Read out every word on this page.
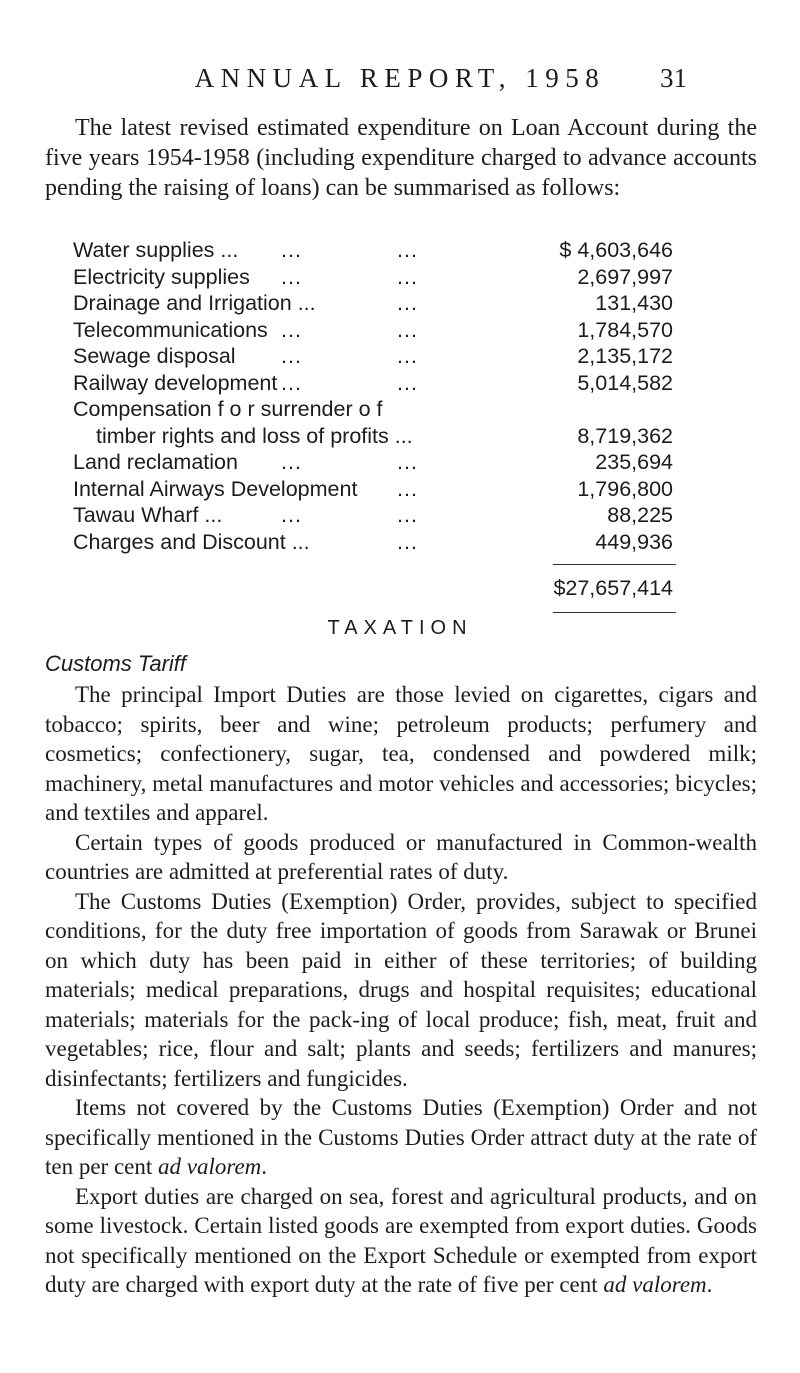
ANNUAL REPORT, 1958	31

The latest revised estimated expenditure on Loan Account during the five years 1954-1958 (including expenditure charged to advance accounts pending the raising of loans) can be summarised as follows:

Water supplies ... ...	...	$ 4,603,646
Electricity supplies ...	...	2,697,997
Drainage and Irrigation ...	...	131,430
Telecommunications ...	...	1,784,570
Sewage disposal ...	...	2,135,172
Railway development ...	...	5,014,582
Compensation f o r surrender o f
timber rights and loss of profits ...	8,719,362
Land reclamation ...	...	235,694
Internal Airways Development ...	1,796,800
Tawau Wharf ...	...	...	88,225
Charges and Discount ...	...	449,936
$27,657,414
TAXATION
Customs Tariff

The principal Import Duties are those levied on cigarettes, cigars and tobacco; spirits, beer and wine; petroleum products; perfumery and cosmetics; confectionery, sugar, tea, condensed and powdered milk; machinery, metal manufactures and motor vehicles and accessories; bicycles; and textiles and apparel.

Certain types of goods produced or manufactured in Common-wealth countries are admitted at preferential rates of duty.

The Customs Duties (Exemption) Order, provides, subject to specified conditions, for the duty free importation of goods from Sarawak or Brunei on which duty has been paid in either of these territories; of building materials; medical preparations, drugs and hospital requisites; educational materials; materials for the pack-ing of local produce; fish, meat, fruit and vegetables; rice, flour and salt; plants and seeds; fertilizers and manures; disinfectants; fertilizers and fungicides.

Items not covered by the Customs Duties (Exemption) Order and not specifically mentioned in the Customs Duties Order attract duty at the rate of ten per cent ad valorem.

Export duties are charged on sea, forest and agricultural products, and on some livestock. Certain listed goods are exempted from export duties. Goods not specifically mentioned on the Export Schedule or exempted from export duty are charged with export duty at the rate of five per cent ad valorem.
